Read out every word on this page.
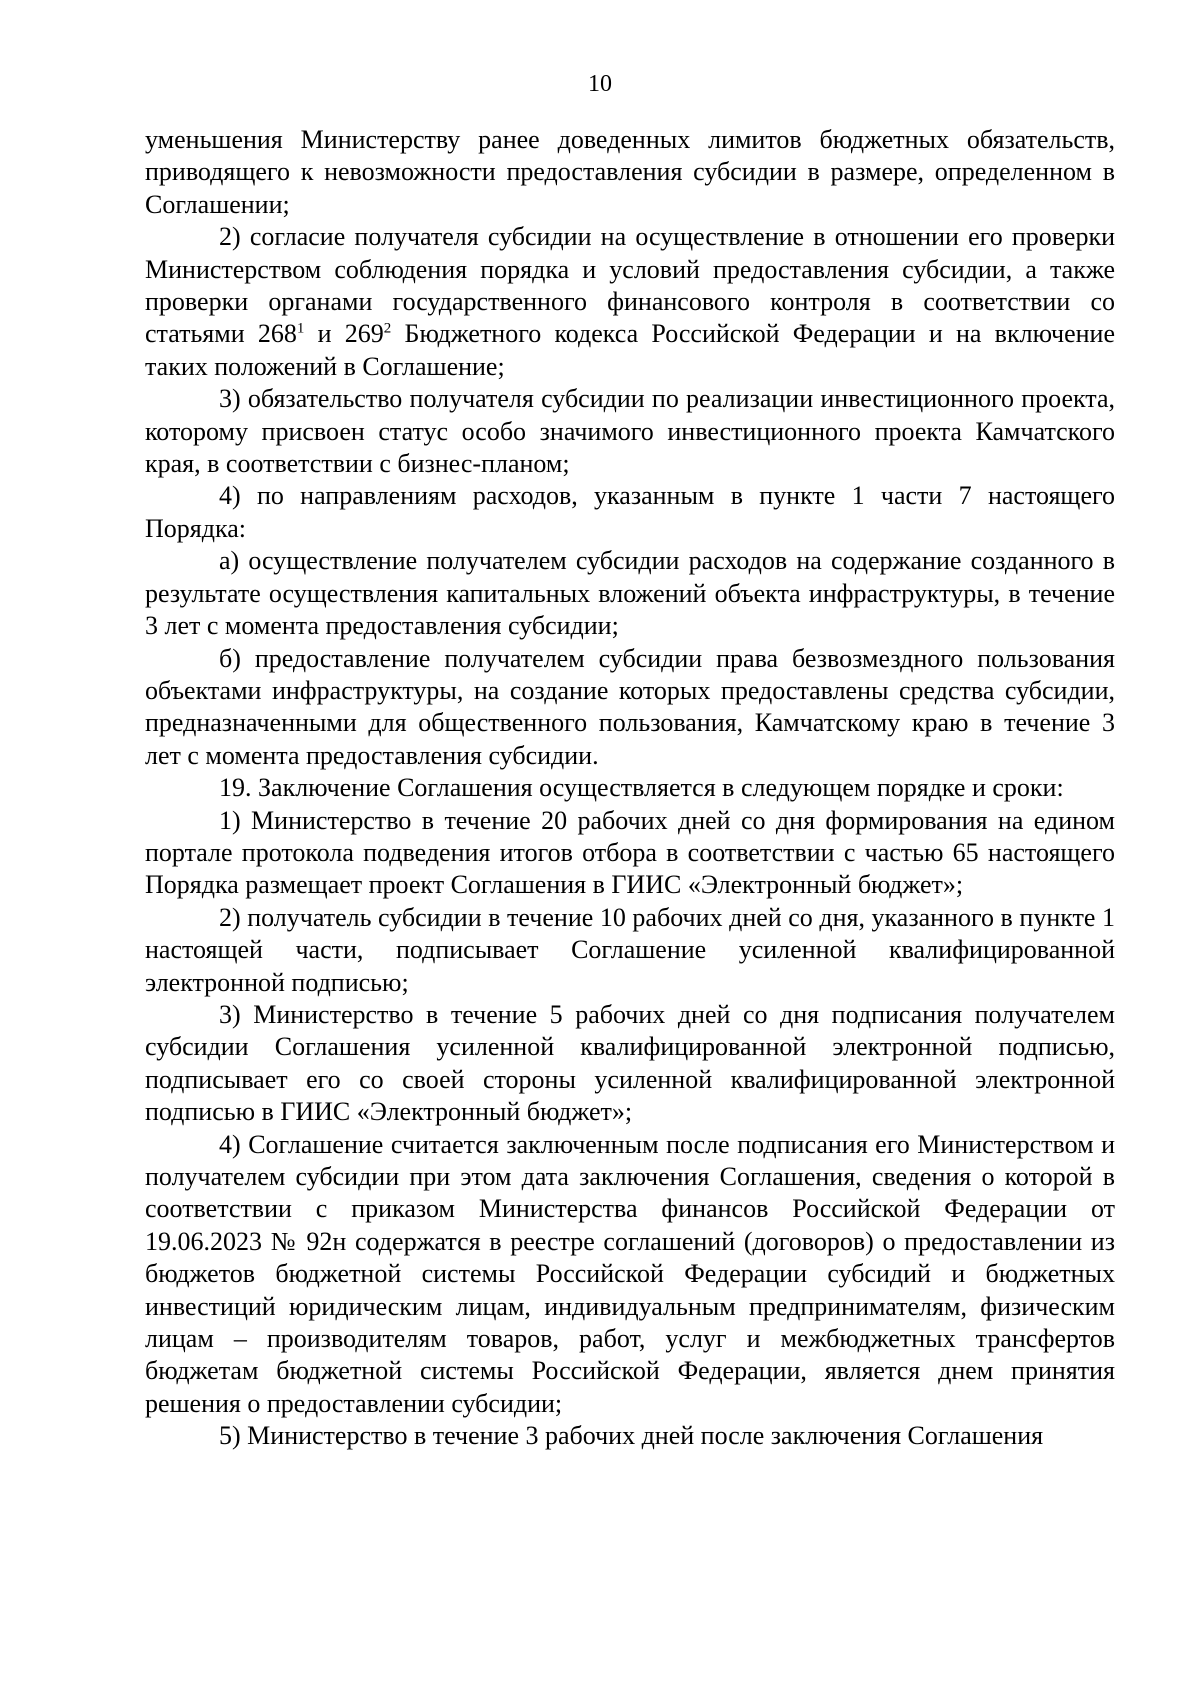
10

уменьшения Министерству ранее доведенных лимитов бюджетных обязательств, приводящего к невозможности предоставления субсидии в размере, определенном в Соглашении;

2) согласие получателя субсидии на осуществление в отношении его проверки Министерством соблюдения порядка и условий предоставления субсидии, а также проверки органами государственного финансового контроля в соответствии со статьями $268^1$ и $269^2$ Бюджетного кодекса Российской Федерации и на включение таких положений в Соглашение;

3) обязательство получателя субсидии по реализации инвестиционного проекта, которому присвоен статус особо значимого инвестиционного проекта Камчатского края, в соответствии с бизнес-планом;

4) по направлениям расходов, указанным в пункте 1 части 7 настоящего Порядка:

а) осуществление получателем субсидии расходов на содержание созданного в результате осуществления капитальных вложений объекта инфраструктуры, в течение 3 лет с момента предоставления субсидии;

б) предоставление получателем субсидии права безвозмездного пользования объектами инфраструктуры, на создание которых предоставлены средства субсидии, предназначенными для общественного пользования, Камчатскому краю в течение 3 лет с момента предоставления субсидии.

19. Заключение Соглашения осуществляется в следующем порядке и сроки:

1) Министерство в течение 20 рабочих дней со дня формирования на едином портале протокола подведения итогов отбора в соответствии с частью 65 настоящего Порядка размещает проект Соглашения в ГИИС «Электронный бюджет»;

2) получатель субсидии в течение 10 рабочих дней со дня, указанного в пункте 1 настоящей части, подписывает Соглашение усиленной квалифицированной электронной подписью;

3) Министерство в течение 5 рабочих дней со дня подписания получателем субсидии Соглашения усиленной квалифицированной электронной подписью, подписывает его со своей стороны усиленной квалифицированной электронной подписью в ГИИС «Электронный бюджет»;

4) Соглашение считается заключенным после подписания его Министерством и получателем субсидии при этом дата заключения Соглашения, сведения о которой в соответствии с приказом Министерства финансов Российской Федерации от 19.06.2023 № 92н содержатся в реестре соглашений (договоров) о предоставлении из бюджетов бюджетной системы Российской Федерации субсидий и бюджетных инвестиций юридическим лицам, индивидуальным предпринимателям, физическим лицам – производителям товаров, работ, услуг и межбюджетных трансфертов бюджетам бюджетной системы Российской Федерации, является днем принятия решения о предоставлении субсидии;

5) Министерство в течение 3 рабочих дней после заключения Соглашения
